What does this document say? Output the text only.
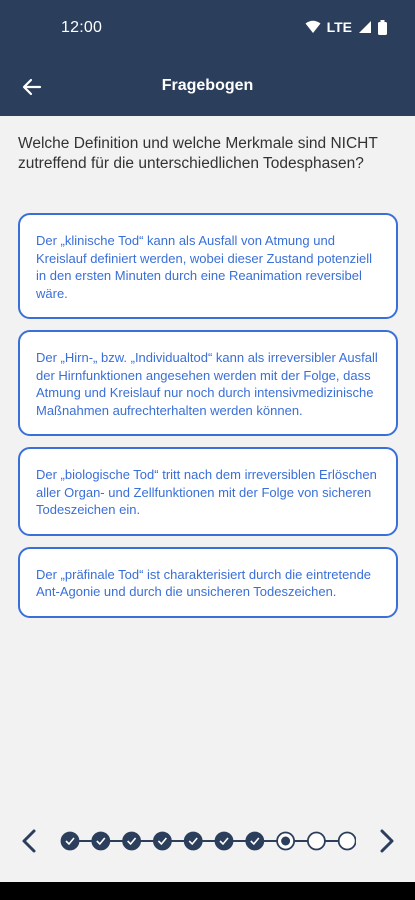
12:00	LTE
Fragebogen
Welche Definition und welche Merkmale sind NICHT zutreffend für die unterschiedlichen Todesphasen?
Der „klinische Tod“ kann als Ausfall von Atmung und Kreislauf definiert werden, wobei dieser Zustand potenziell in den ersten Minuten durch eine Reanimation reversibel wäre.
Der „Hirn-„ bzw. „Individualtod“ kann als irreversibler Ausfall der Hirnfunktionen angesehen werden mit der Folge, dass Atmung und Kreislauf nur noch durch intensivmedizinische Maßnahmen aufrechterhalten werden können.
Der „biologische Tod“ tritt nach dem irreversiblen Erlöschen aller Organ- und Zellfunktionen mit der Folge von sicheren Todeszeichen ein.
Der „präfinale Tod“ ist charakterisiert durch die eintretende Ant-Agonie und durch die unsicheren Todeszeichen.
